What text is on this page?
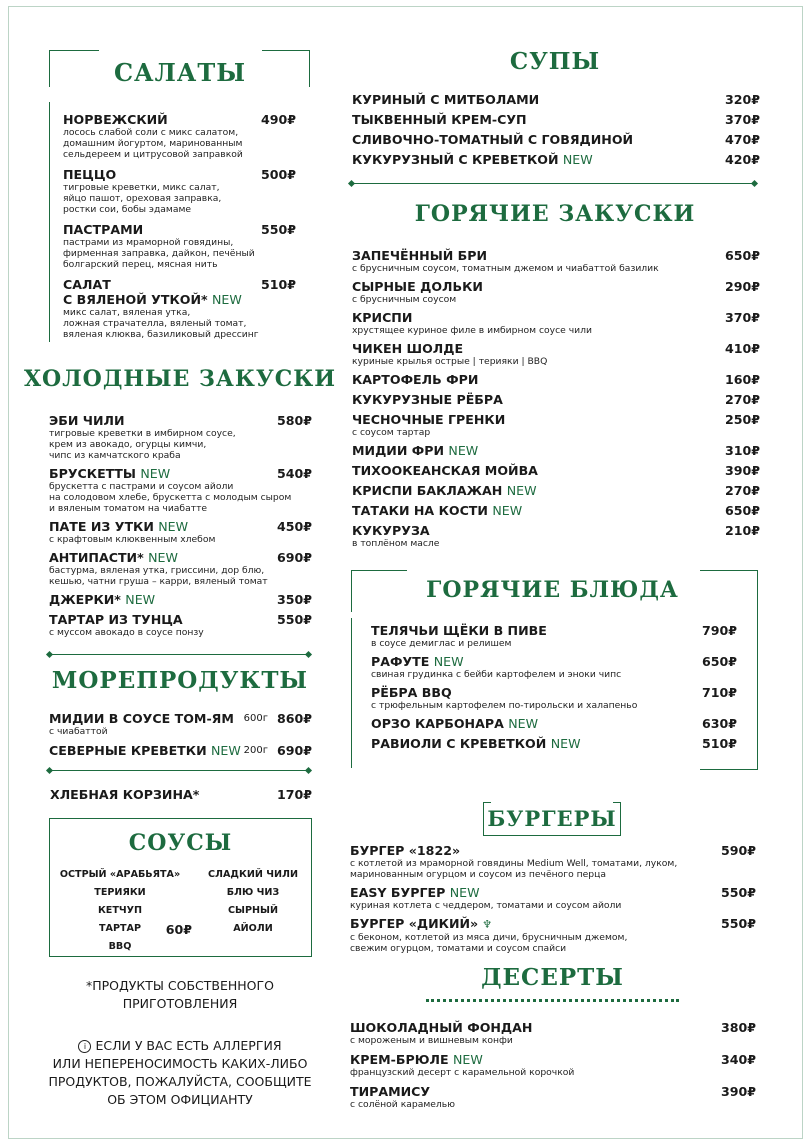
САЛАТЫ
НОРВЕЖСКИЙ
лосось слабой соли с микс салатом,
домашним йогуртом, маринованным
сельдереем и цитрусовой заправкой
490₽
ПЕЦЦО
тигровые креветки, микс салат,
яйцо пашот, ореховая заправка,
ростки сои, бобы эдамаме
500₽
ПАСТРАМИ
пастрами из мраморной говядины,
фирменная заправка, дайкон, печёный
болгарский перец, мясная нить
550₽
САЛАТ
С ВЯЛЕНОЙ УТКОЙ* NEW
микс салат, вяленая утка,
ложная страчателла, вяленый томат,
вяленая клюква, базиликовый дрессинг
510₽
ХОЛОДНЫЕ ЗАКУСКИ
ЭБИ ЧИЛИ
тигровые креветки в имбирном соусе,
крем из авокадо, огурцы кимчи,
чипс из камчатского краба
580₽
БРУСКЕТТЫ NEW
брускетта с пастрами и соусом айоли
на солодовом хлебе, брускетта с молодым сыром
и вяленым томатом на чиабатте
540₽
ПАТЕ ИЗ УТКИ NEW
с крафтовым клюквенным хлебом
450₽
АНТИПАСТИ* NEW
бастурма, вяленая утка, гриссини, дор блю,
кешью, чатни груша – карри, вяленый томат
690₽
ДЖЕРКИ* NEW	350₽
ТАРТАР ИЗ ТУНЦА
с муссом авокадо в соусе понзу
550₽
МОРЕПРОДУКТЫ
МИДИИ В СОУСЕ ТОМ-ЯМ
с чиабаттой
860₽
600г
СЕВЕРНЫЕ КРЕВЕТКИ NEW	690₽
200г
ХЛЕБНАЯ КОРЗИНА*	170₽
СОУСЫ
ОСТРЫЙ «АРАБЬЯТА»
ТЕРИЯКИ
КЕТЧУП
ТАРТАР
BBQ
СЛАДКИЙ ЧИЛИ
БЛЮ ЧИЗ
СЫРНЫЙ
АЙОЛИ
60₽
*ПРОДУКТЫ СОБСТВЕННОГО
ПРИГОТОВЛЕНИЯ
i ЕСЛИ У ВАС ЕСТЬ АЛЛЕРГИЯ
ИЛИ НЕПЕРЕНОСИМОСТЬ КАКИХ-ЛИБО
ПРОДУКТОВ, ПОЖАЛУЙСТА, СООБЩИТЕ
ОБ ЭТОМ ОФИЦИАНТУ
СУПЫ
КУРИНЫЙ С МИТБОЛАМИ	320₽
ТЫКВЕННЫЙ КРЕМ-СУП	370₽
СЛИВОЧНО-ТОМАТНЫЙ С ГОВЯДИНОЙ	470₽
КУКУРУЗНЫЙ С КРЕВЕТКОЙ NEW	420₽
ГОРЯЧИЕ ЗАКУСКИ
ЗАПЕЧЁННЫЙ БРИ
с брусничным соусом, томатным джемом и чиабаттой базилик
650₽
СЫРНЫЕ ДОЛЬКИ
с брусничным соусом
290₽
КРИСПИ
хрустящее куриное филе в имбирном соусе чили
370₽
ЧИКЕН ШОЛДЕ
куриные крылья острые | терияки | BBQ
410₽
КАРТОФЕЛЬ ФРИ	160₽
КУКУРУЗНЫЕ РЁБРА	270₽
ЧЕСНОЧНЫЕ ГРЕНКИ
с соусом тартар
250₽
МИДИИ ФРИ NEW	310₽
ТИХООКЕАНСКАЯ МОЙВА	390₽
КРИСПИ БАКЛАЖАН NEW	270₽
ТАТАКИ НА КОСТИ NEW	650₽
КУКУРУЗА
в топлёном масле
210₽
ГОРЯЧИЕ БЛЮДА
ТЕЛЯЧЬИ ЩЁКИ В ПИВЕ
в соусе демиглас и релишем
790₽
РАФУТЕ NEW
свиная грудинка с бейби картофелем и эноки чипс
650₽
РЁБРА BBQ
с трюфельным картофелем по-тирольски и халапеньо
710₽
ОРЗО КАРБОНАРА NEW	630₽
РАВИОЛИ С КРЕВЕТКОЙ NEW	510₽
БУРГЕРЫ
БУРГЕР «1822»
с котлетой из мраморной говядины Medium Well, томатами, луком,
маринованным огурцом и соусом из печёного перца
590₽
EASY БУРГЕР NEW
куриная котлета с чеддером, томатами и соусом айоли
550₽
БУРГЕР «ДИКИЙ» ♆
с беконом, котлетой из мяса дичи, брусничным джемом,
свежим огурцом, томатами и соусом спайси
550₽
ДЕСЕРТЫ
ШОКОЛАДНЫЙ ФОНДАН
с мороженым и вишневым конфи
380₽
КРЕМ-БРЮЛЕ NEW
французский десерт с карамельной корочкой
340₽
ТИРАМИСУ
с солёной карамелью
390₽
